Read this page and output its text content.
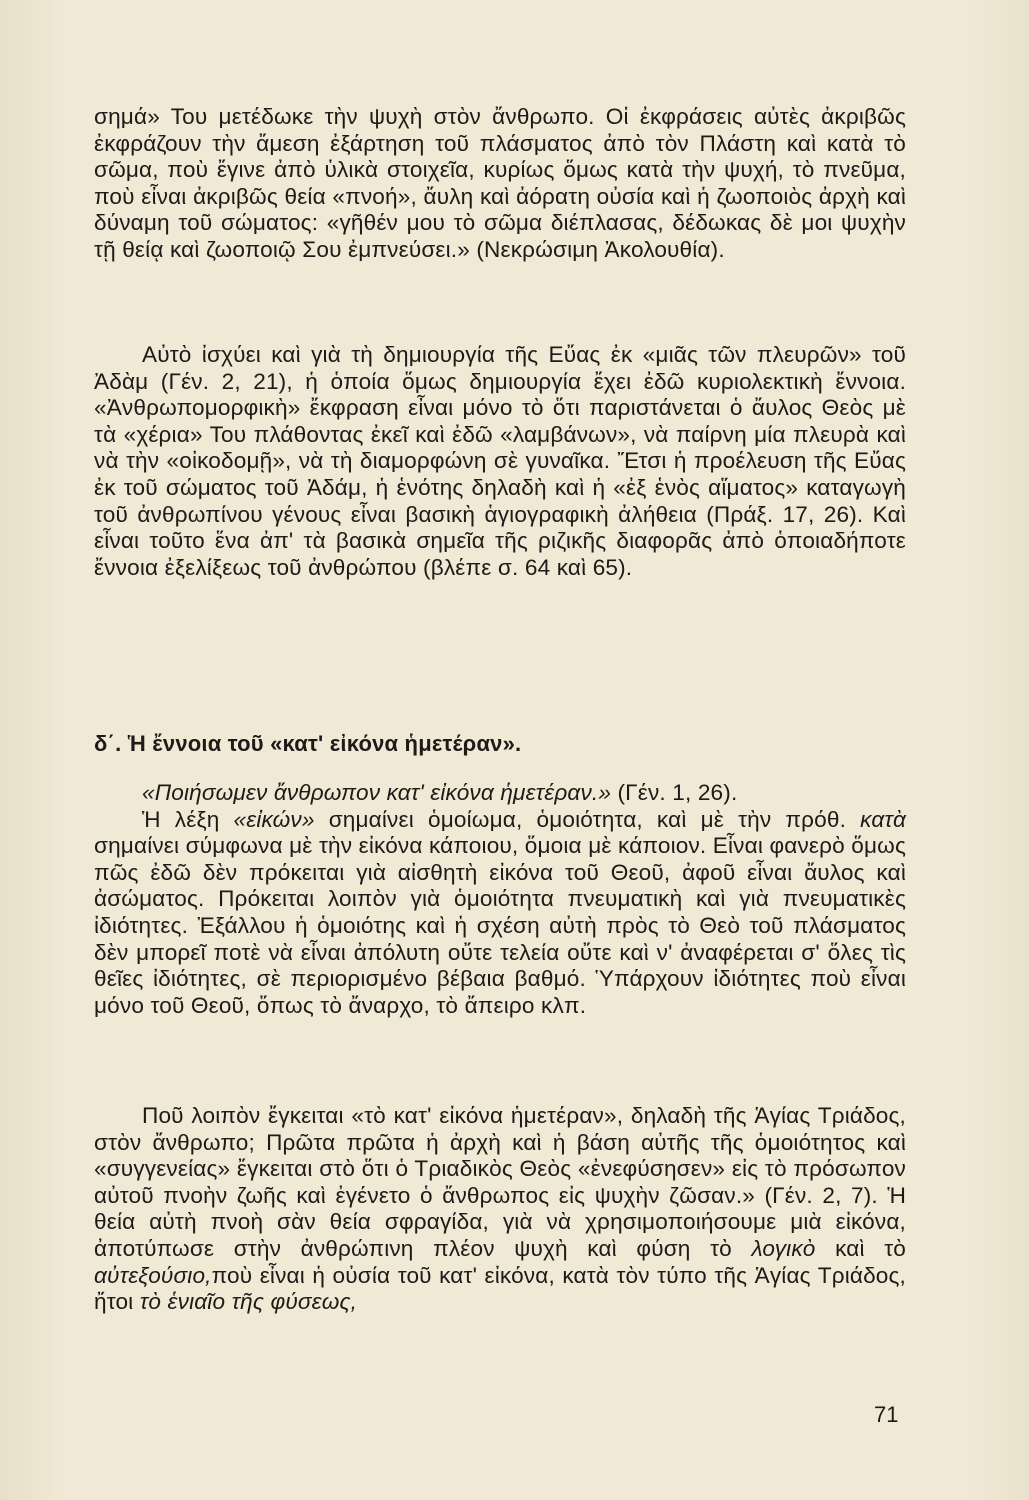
σημά» Του μετέδωκε τὴν ψυχὴ στὸν ἄνθρωπο. Οἱ ἐκφράσεις αὐτὲς ἀκριβῶς ἐκφράζουν τὴν ἄμεση ἐξάρτηση τοῦ πλάσματος ἀπὸ τὸν Πλάστη καὶ κατὰ τὸ σῶμα, ποὺ ἔγινε ἀπὸ ὑλικὰ στοιχεῖα, κυρίως ὅμως κατὰ τὴν ψυχή, τὸ πνεῦμα, ποὺ εἶναι ἀκριβῶς θεία «πνοή», ἄυλη καὶ ἀόρατη οὐσία καὶ ἡ ζωοποιὸς ἀρχὴ καὶ δύναμη τοῦ σώματος: «γῆθέν μου τὸ σῶμα διέπλασας, δέδωκας δὲ μοι ψυχὴν τῇ θείᾳ καὶ ζωοποιῷ Σου ἐμπνεύσει.» (Νεκρώσιμη Ἀκολουθία).

Αὐτὸ ἰσχύει καὶ γιὰ τὴ δημιουργία τῆς Εὔας ἐκ «μιᾶς τῶν πλευρῶν» τοῦ Ἀδὰμ (Γέν. 2, 21), ἡ ὁποία ὅμως δημιουργία ἔχει ἐδῶ κυριολεκτικὴ ἔννοια. «Ἀνθρωπομορφικὴ» ἔκφραση εἶναι μόνο τὸ ὅτι παριστάνεται ὁ ἄυλος Θεὸς μὲ τὰ «χέρια» Του πλάθοντας ἐκεῖ καὶ ἐδῶ «λαμβάνων», νὰ παίρνη μία πλευρὰ καὶ νὰ τὴν «οἰκοδομῇ», νὰ τὴ διαμορφώνη σὲ γυναῖκα. Ἔτσι ἡ προέλευση τῆς Εὔας ἐκ τοῦ σώματος τοῦ Ἀδάμ, ἡ ἑνότης δηλαδὴ καὶ ἡ «ἐξ ἑνὸς αἵματος» καταγωγὴ τοῦ ἀνθρωπίνου γένους εἶναι βασικὴ ἁγιογραφικὴ ἀλήθεια (Πράξ. 17, 26). Καὶ εἶναι τοῦτο ἕνα ἀπ' τὰ βασικὰ σημεῖα τῆς ριζικῆς διαφορᾶς ἀπὸ ὁποιαδήποτε ἔννοια ἐξελίξεως τοῦ ἀνθρώπου (βλέπε σ. 64 καὶ 65).

δ΄. Ἡ ἔννοια τοῦ «κατ' εἰκόνα ἡμετέραν».

«Ποιήσωμεν ἄνθρωπον κατ' εἰκόνα ἡμετέραν.» (Γέν. 1, 26).

Ἡ λέξη «εἰκών» σημαίνει ὁμοίωμα, ὁμοιότητα, καὶ μὲ τὴν πρόθ. κατὰ σημαίνει σύμφωνα μὲ τὴν εἰκόνα κάποιου, ὅμοια μὲ κάποιον. Εἶναι φανερὸ ὅμως πῶς ἐδῶ δὲν πρόκειται γιὰ αἰσθητὴ εἰκόνα τοῦ Θεοῦ, ἀφοῦ εἶναι ἄυλος καὶ ἀσώματος. Πρόκειται λοιπὸν γιὰ ὁμοιότητα πνευματικὴ καὶ γιὰ πνευματικὲς ἰδιότητες. Ἐξάλλου ἡ ὁμοιότης καὶ ἡ σχέση αὐτὴ πρὸς τὸ Θεὸ τοῦ πλάσματος δὲν μπορεῖ ποτὲ νὰ εἶναι ἀπόλυτη οὔτε τελεία οὔτε καὶ ν' ἀναφέρεται σ' ὅλες τὶς θεῖες ἰδιότητες, σὲ περιορισμένο βέβαια βαθμό. Ὑπάρχουν ἰδιότητες ποὺ εἶναι μόνο τοῦ Θεοῦ, ὅπως τὸ ἄναρχο, τὸ ἄπειρο κλπ.

Ποῦ λοιπὸν ἔγκειται «τὸ κατ' εἰκόνα ἡμετέραν», δηλαδὴ τῆς Ἁγίας Τριάδος, στὸν ἄνθρωπο; Πρῶτα πρῶτα ἡ ἀρχὴ καὶ ἡ βάση αὐτῆς τῆς ὁμοιότητος καὶ «συγγενείας» ἔγκειται στὸ ὅτι ὁ Τριαδικὸς Θεὸς «ἐνεφύσησεν» εἰς τὸ πρόσωπον αὐτοῦ πνοὴν ζωῆς καὶ ἐγένετο ὁ ἄνθρωπος εἰς ψυχὴν ζῶσαν.» (Γέν. 2, 7). Ἡ θεία αὐτὴ πνοὴ σὰν θεία σφραγίδα, γιὰ νὰ χρησιμοποιήσουμε μιὰ εἰκόνα, ἀποτύπωσε στὴν ἀνθρώπινη πλέον ψυχὴ καὶ φύση τὸ λογικὸ καὶ τὸ αὐτεξούσιο,ποὺ εἶναι ἡ οὐσία τοῦ κατ' εἰκόνα, κατὰ τὸν τύπο τῆς Ἁγίας Τριάδος, ἤτοι τὸ ἑνιαῖο τῆς φύσεως,

71
